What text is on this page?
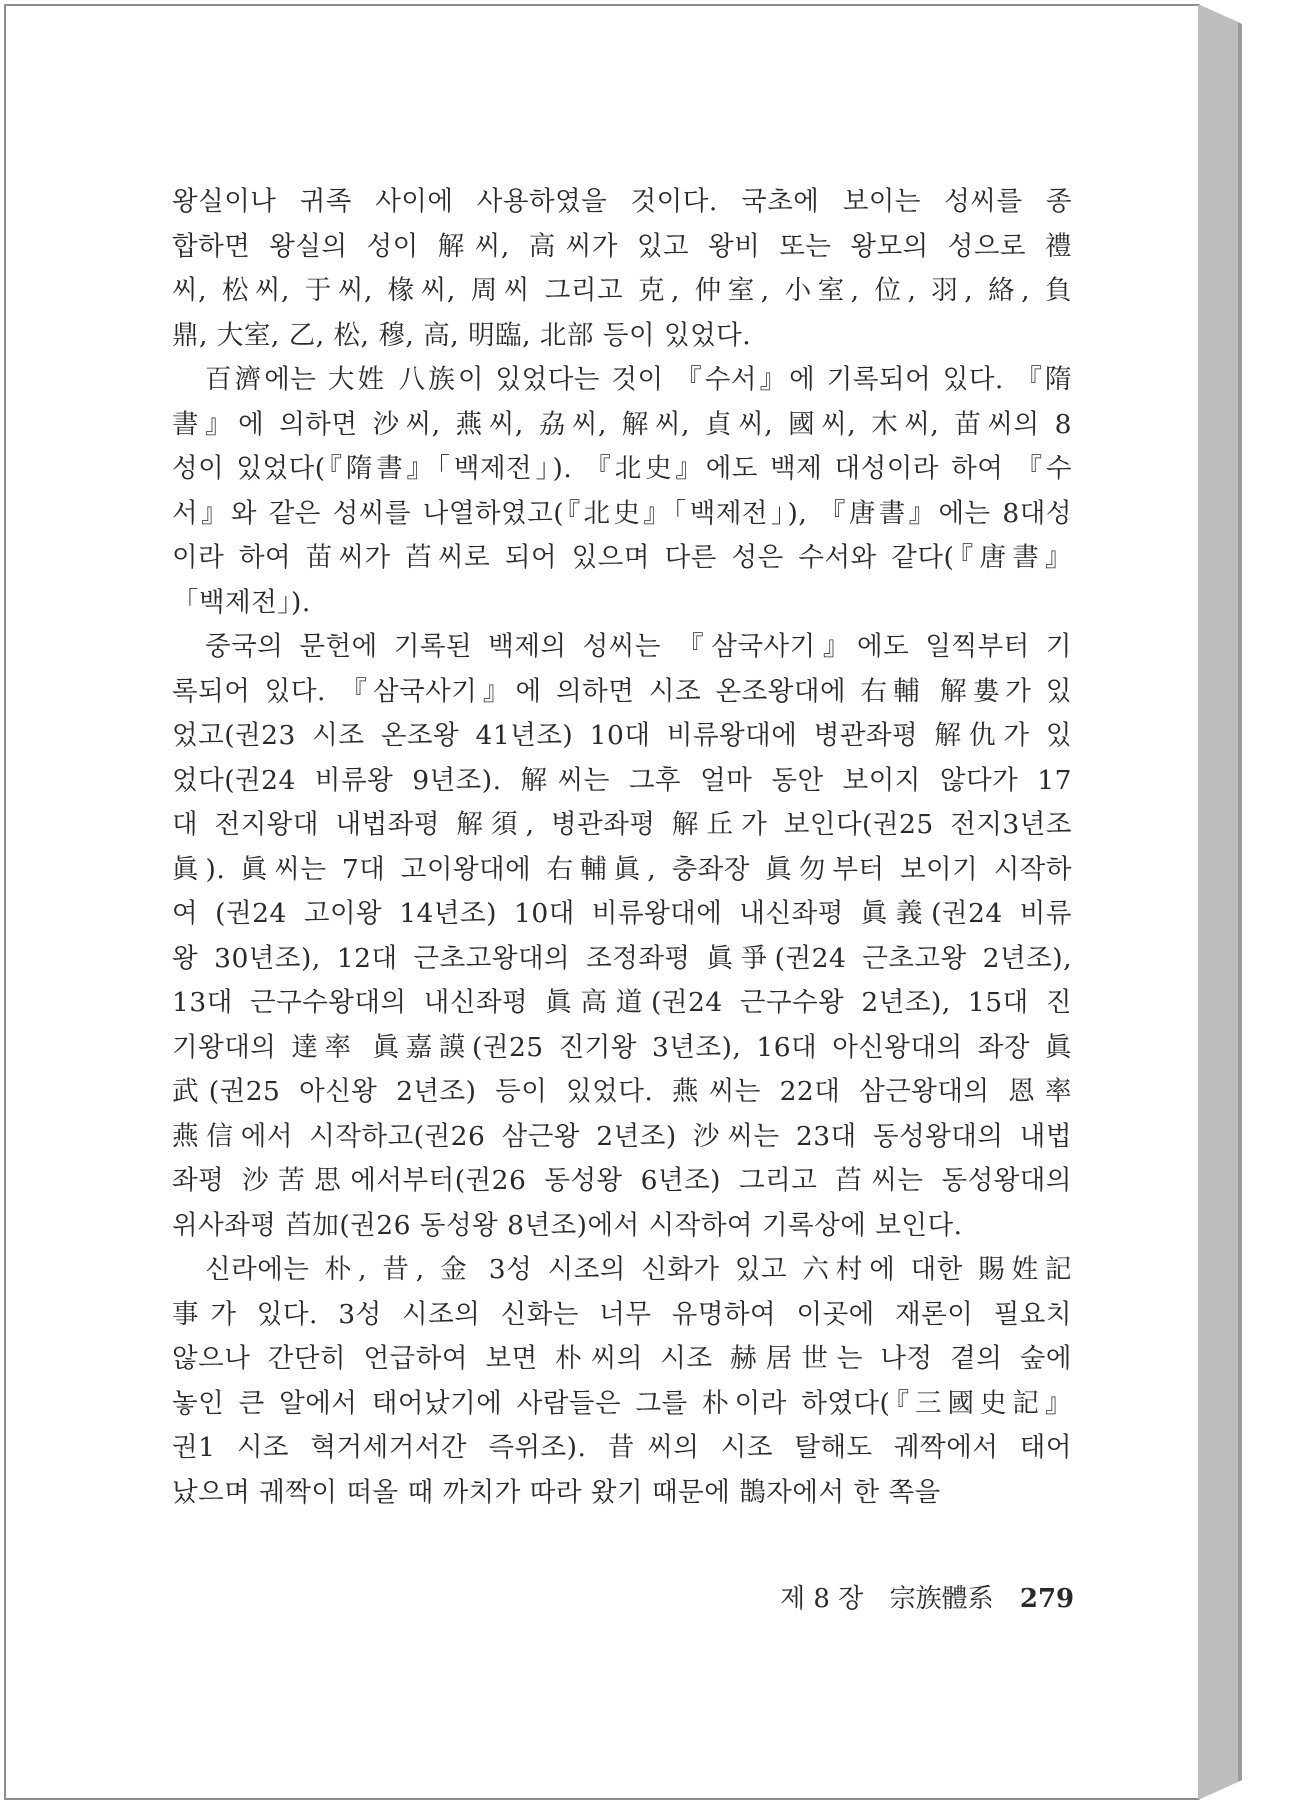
왕실이나 귀족 사이에 사용하였을 것이다. 국초에 보이는 성씨를 종
합하면 왕실의 성이 解씨, 高씨가 있고 왕비 또는 왕모의 성으로 禮
씨, 松씨, 于씨, 椽씨, 周씨 그리고 克, 仲室, 小室, 位, 羽, 絡, 負
鼎, 大室, 乙, 松, 穆, 高, 明臨, 北部 등이 있었다.
百濟에는 大姓 八族이 있었다는 것이 『수서』에 기록되어 있다. 『隋
書』에 의하면 沙씨, 燕씨, 劦씨, 解씨, 貞씨, 國씨, 木씨, 苗씨의 8
성이 있었다(『隋書』「백제전」). 『北史』에도 백제 대성이라 하여 『수
서』와 같은 성씨를 나열하였고(『北史』「백제전」), 『唐書』에는 8대성
이라 하여 苗씨가 苩씨로 되어 있으며 다른 성은 수서와 같다(『唐書』
「백제전」).
중국의 문헌에 기록된 백제의 성씨는 『삼국사기』에도 일찍부터 기
록되어 있다. 『삼국사기』에 의하면 시조 온조왕대에 右輔 解婁가 있
었고(권23 시조 온조왕 41년조) 10대 비류왕대에 병관좌평 解仇가 있
었다(권24 비류왕 9년조). 解씨는 그후 얼마 동안 보이지 않다가 17
대 전지왕대 내법좌평 解須, 병관좌평 解丘가 보인다(권25 전지3년조
眞). 眞씨는 7대 고이왕대에 右輔眞, 충좌장 眞勿부터 보이기 시작하
여 (권24 고이왕 14년조) 10대 비류왕대에 내신좌평 眞義(권24 비류
왕 30년조), 12대 근초고왕대의 조정좌평 眞爭(권24 근초고왕 2년조),
13대 근구수왕대의 내신좌평 眞高道(권24 근구수왕 2년조), 15대 진
기왕대의 達率 眞嘉謨(권25 진기왕 3년조), 16대 아신왕대의 좌장 眞
武(권25 아신왕 2년조) 등이 있었다. 燕씨는 22대 삼근왕대의 恩率
燕信에서 시작하고(권26 삼근왕 2년조) 沙씨는 23대 동성왕대의 내법
좌평 沙苦思에서부터(권26 동성왕 6년조) 그리고 苩씨는 동성왕대의
위사좌평 苩加(권26 동성왕 8년조)에서 시작하여 기록상에 보인다.
신라에는 朴, 昔, 金 3성 시조의 신화가 있고 六村에 대한 賜姓記
事가 있다. 3성 시조의 신화는 너무 유명하여 이곳에 재론이 필요치
않으나 간단히 언급하여 보면 朴씨의 시조 赫居世는 나정 곁의 숲에
놓인 큰 알에서 태어났기에 사람들은 그를 朴이라 하였다(『三國史記』
권1 시조 혁거세거서간 즉위조). 昔씨의 시조 탈해도 궤짝에서 태어
났으며 궤짝이 떠올 때 까치가 따라 왔기 때문에 鵲자에서 한 쪽을
제 8 장 宗族體系 279
